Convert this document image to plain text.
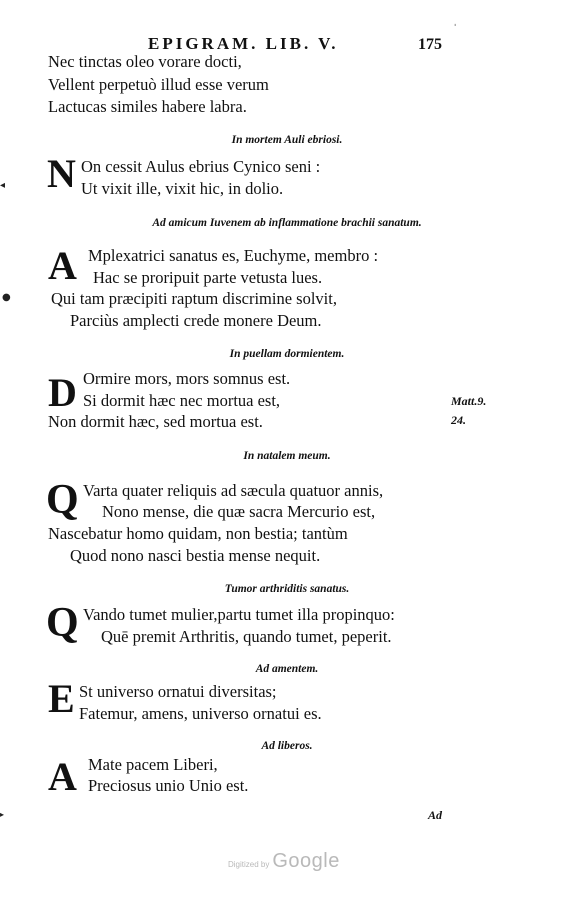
EPIGRAM. LIB. V.	175
Nec tinctas oleo vorare docti,
Vellent perpetuò illud esse verum
Lactucas similes habere labra.
In mortem Auli ebriosi.
N On cessit Aulus ebrius Cynico seni :
Ut vixit ille, vixit hic, in dolio.
Ad amicum Iuvenem ab inflammatione brachii sanatum.
A Mplexatrici sanatus es, Euchyme, membro :
Hac se proripuit parte vetusta lues.
Qui tam præcipiti raptum discrimine solvit,
Parciùs amplecti crede monere Deum.
In puellam dormientem.
D Ormire mors, mors somnus est.
Si dormit hæc nec mortua est,
Non dormit hæc, sed mortua est.
Matt.9.
24.
In natalem meum.
Q Varta quater reliquis ad sæcula quatuor annis,
Nono mense, die quæ sacra Mercurio est,
Nascebatur homo quidam, non bestia; tantùm
Quod nono nasci bestia mense nequit.
Tumor arthriditis sanatus.
Q Vando tumet mulier,partu tumet illa propinquo:
Quē premit Arthritis, quando tumet, peperit.
Ad amentem.
E St universo ornatui diversitas;
Fatemur, amens, universo ornatui es.
Ad liberos.
A Mate pacem Liberi,
Preciosus unio Unio est.
Ad
◂
●
▸
ˌ
Digitized by Google
